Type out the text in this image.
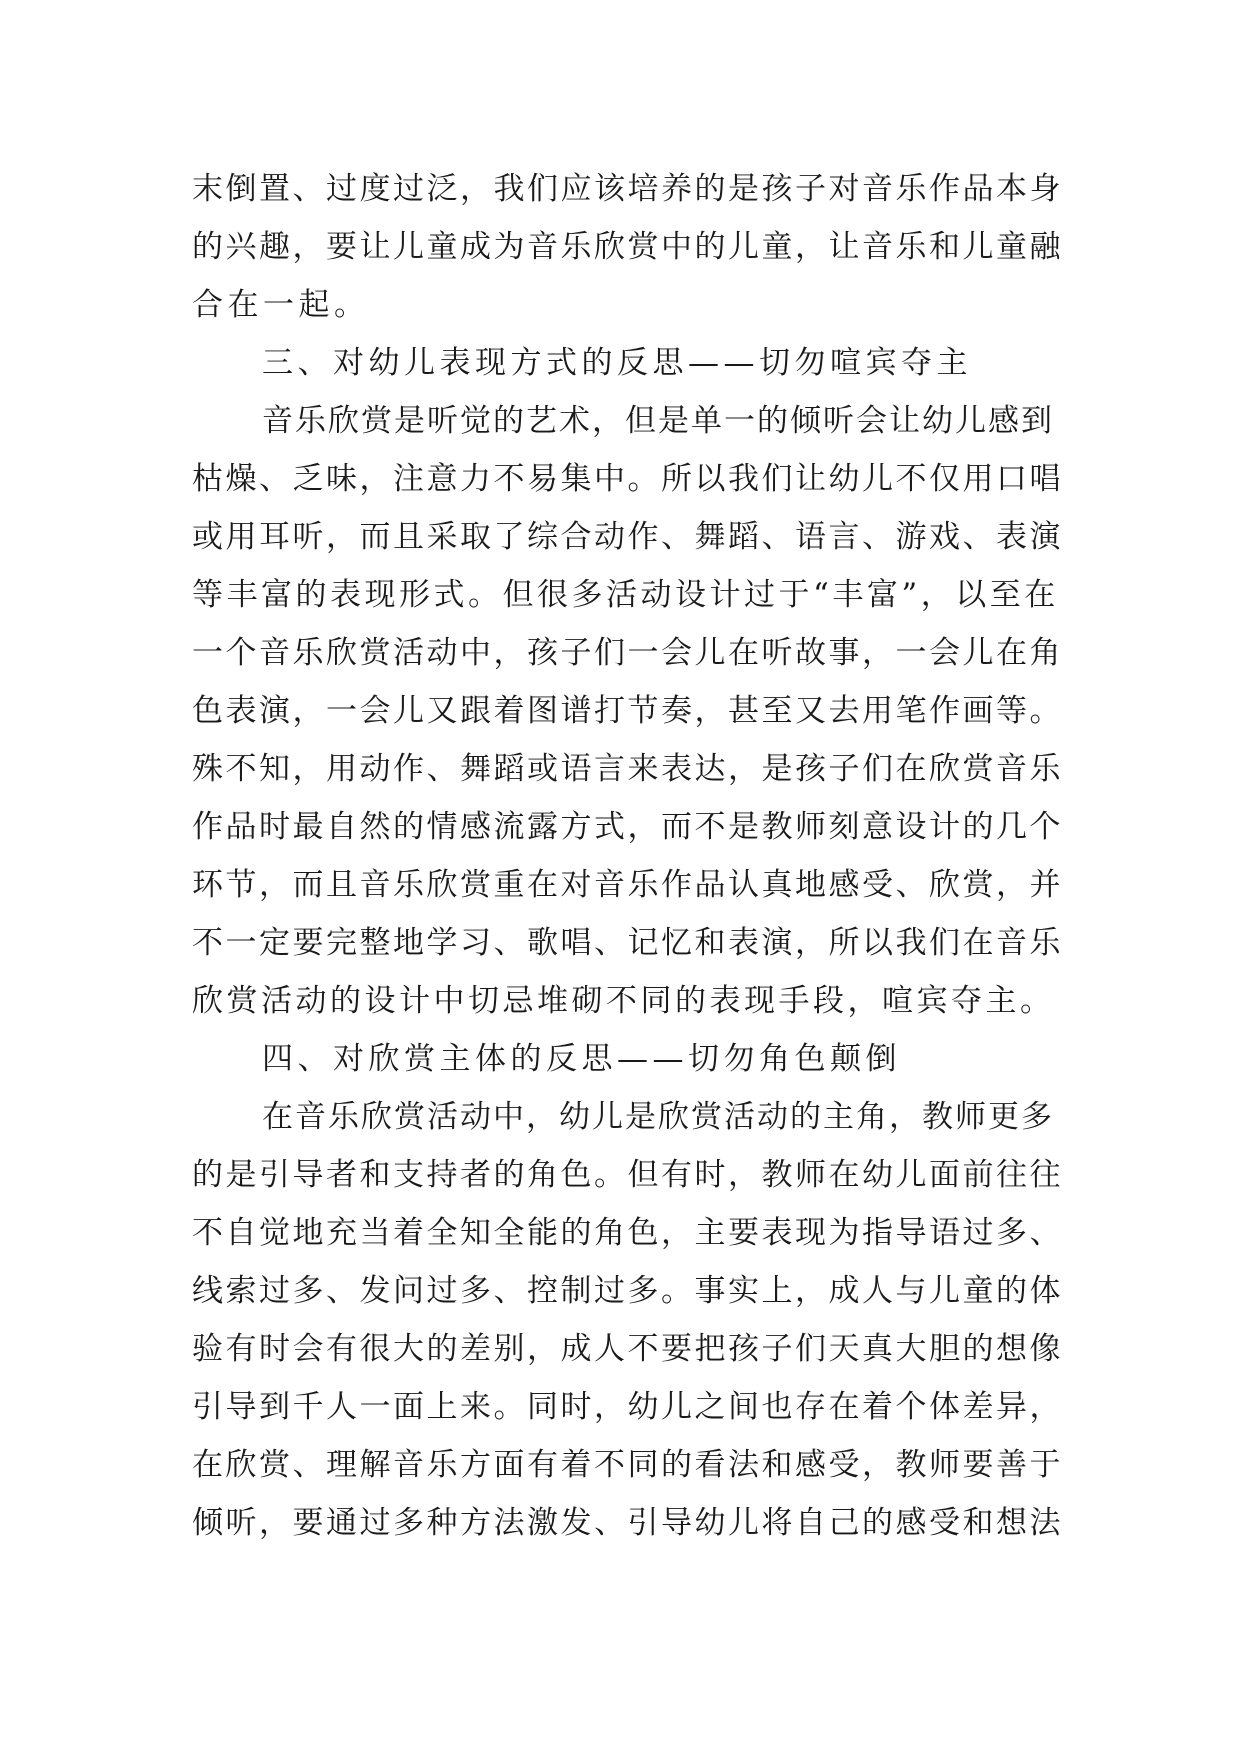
末倒置、过度过泛，我们应该培养的是孩子对音乐作品本身
的兴趣，要让儿童成为音乐欣赏中的儿童，让音乐和儿童融
合在一起。
三、对幼儿表现方式的反思——切勿喧宾夺主
音乐欣赏是听觉的艺术，但是单一的倾听会让幼儿感到
枯燥、乏味，注意力不易集中。所以我们让幼儿不仅用口唱
或用耳听，而且采取了综合动作、舞蹈、语言、游戏、表演
等丰富的表现形式。但很多活动设计过于“丰富”，以至在
一个音乐欣赏活动中，孩子们一会儿在听故事，一会儿在角
色表演，一会儿又跟着图谱打节奏，甚至又去用笔作画等。
殊不知，用动作、舞蹈或语言来表达，是孩子们在欣赏音乐
作品时最自然的情感流露方式，而不是教师刻意设计的几个
环节，而且音乐欣赏重在对音乐作品认真地感受、欣赏，并
不一定要完整地学习、歌唱、记忆和表演，所以我们在音乐
欣赏活动的设计中切忌堆砌不同的表现手段，喧宾夺主。
四、对欣赏主体的反思——切勿角色颠倒
在音乐欣赏活动中，幼儿是欣赏活动的主角，教师更多
的是引导者和支持者的角色。但有时，教师在幼儿面前往往
不自觉地充当着全知全能的角色，主要表现为指导语过多、
线索过多、发问过多、控制过多。事实上，成人与儿童的体
验有时会有很大的差别，成人不要把孩子们天真大胆的想像
引导到千人一面上来。同时，幼儿之间也存在着个体差异，
在欣赏、理解音乐方面有着不同的看法和感受，教师要善于
倾听，要通过多种方法激发、引导幼儿将自己的感受和想法
